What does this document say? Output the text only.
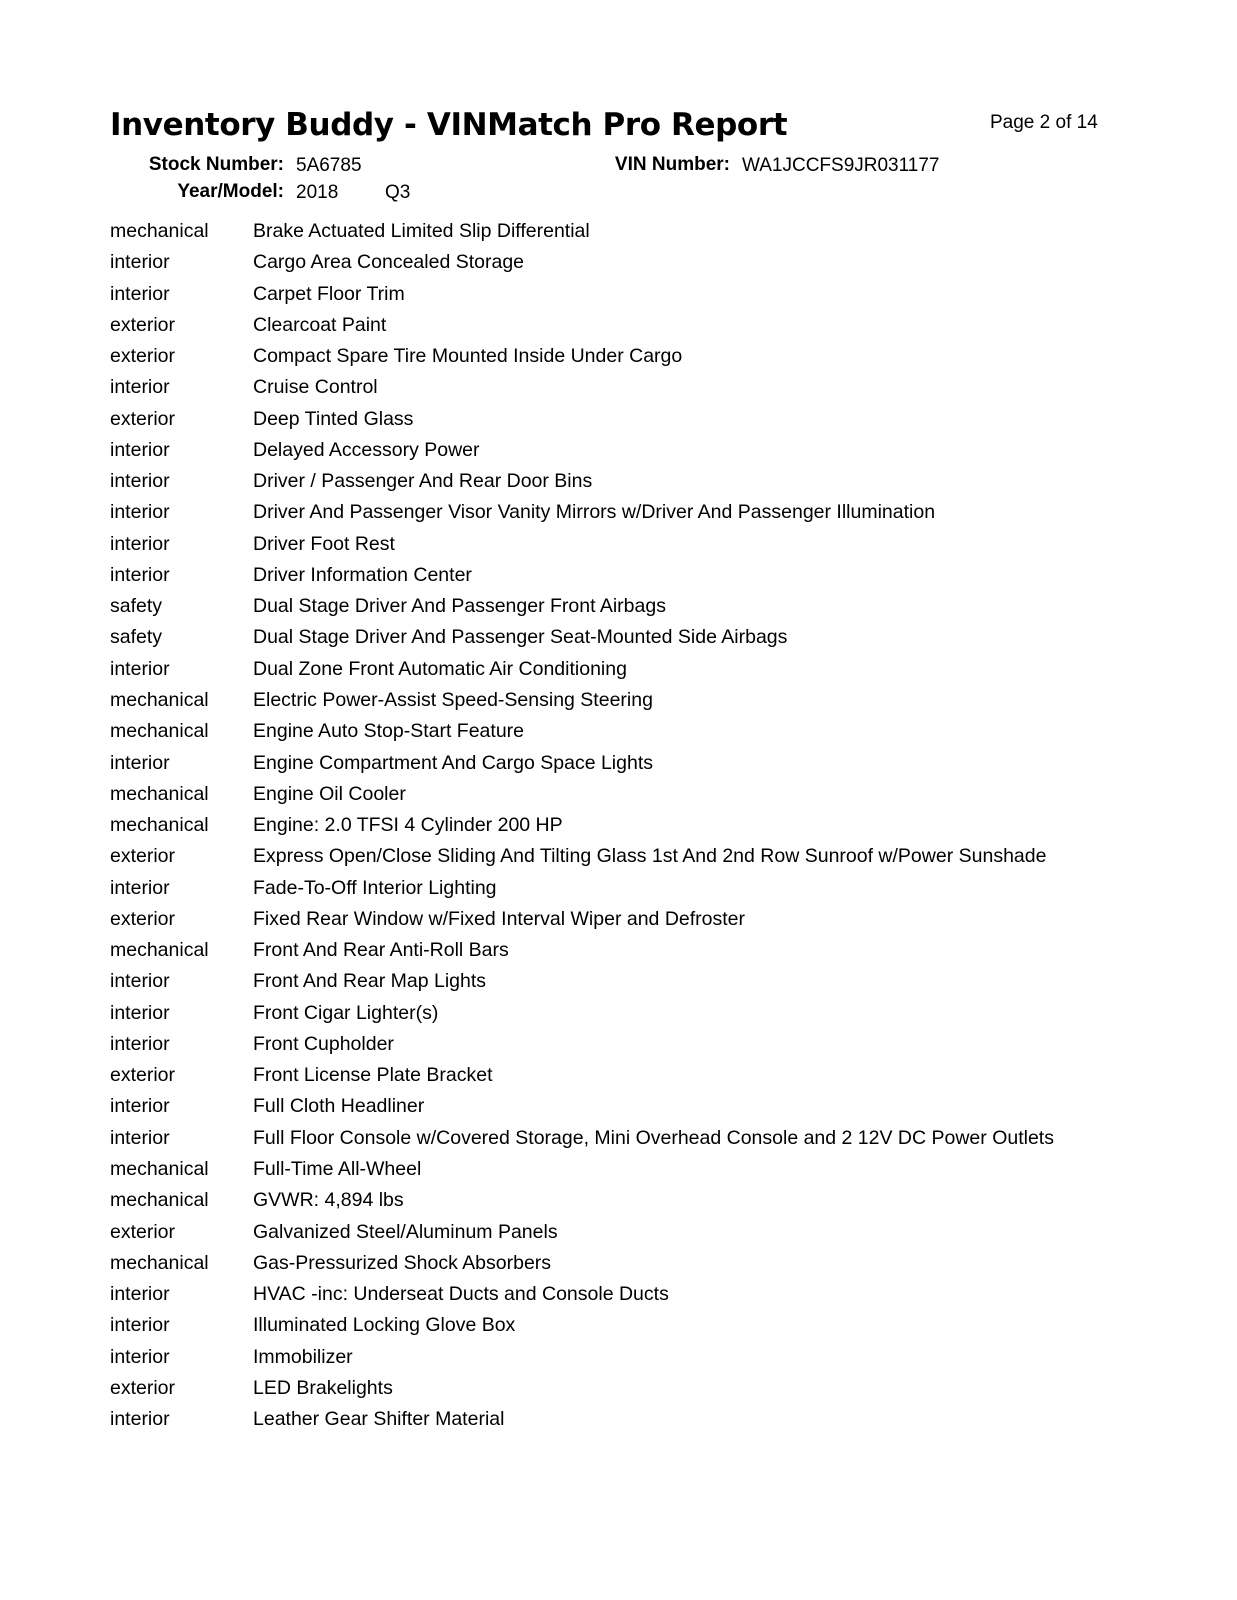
Inventory Buddy - VINMatch Pro Report	Page 2 of 14
Stock Number: 5A6785	VIN Number: WA1JCCFS9JR031177
Year/Model: 2018 Q3
mechanical Brake Actuated Limited Slip Differential
interior	Cargo Area Concealed Storage
interior	Carpet Floor Trim
exterior	Clearcoat Paint
exterior	Compact Spare Tire Mounted Inside Under Cargo
interior	Cruise Control
exterior	Deep Tinted Glass
interior	Delayed Accessory Power
interior	Driver / Passenger And Rear Door Bins
interior	Driver And Passenger Visor Vanity Mirrors w/Driver And Passenger Illumination
interior	Driver Foot Rest
interior	Driver Information Center
safety	Dual Stage Driver And Passenger Front Airbags
safety	Dual Stage Driver And Passenger Seat-Mounted Side Airbags
interior	Dual Zone Front Automatic Air Conditioning
mechanical Electric Power-Assist Speed-Sensing Steering
mechanical Engine Auto Stop-Start Feature
interior	Engine Compartment And Cargo Space Lights
mechanical Engine Oil Cooler
mechanical Engine: 2.0 TFSI 4 Cylinder 200 HP
exterior	Express Open/Close Sliding And Tilting Glass 1st And 2nd Row Sunroof w/Power Sunshade
interior	Fade-To-Off Interior Lighting
exterior	Fixed Rear Window w/Fixed Interval Wiper and Defroster
mechanical Front And Rear Anti-Roll Bars
interior	Front And Rear Map Lights
interior	Front Cigar Lighter(s)
interior	Front Cupholder
exterior	Front License Plate Bracket
interior	Full Cloth Headliner
interior	Full Floor Console w/Covered Storage, Mini Overhead Console and 2 12V DC Power Outlets
mechanical Full-Time All-Wheel
mechanical GVWR: 4,894 lbs
exterior	Galvanized Steel/Aluminum Panels
mechanical Gas-Pressurized Shock Absorbers
interior	HVAC -inc: Underseat Ducts and Console Ducts
interior	Illuminated Locking Glove Box
interior	Immobilizer
exterior	LED Brakelights
interior	Leather Gear Shifter Material
